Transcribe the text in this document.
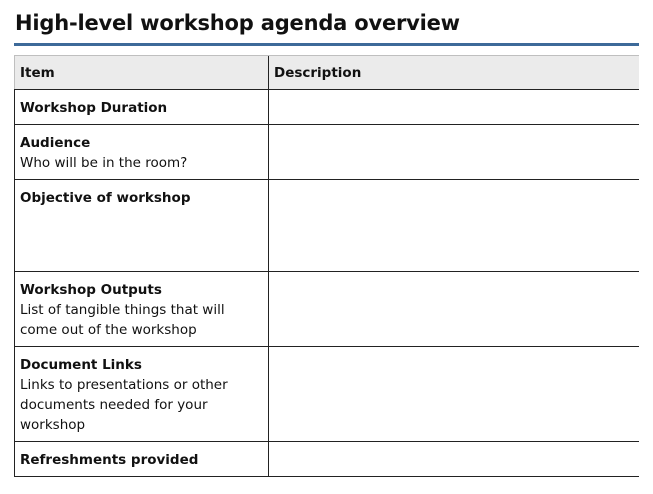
High-level workshop agenda overview
Item	Description

Workshop Duration	

Audience
Who will be in the room?	

Objective of workshop	

Workshop Outputs
List of tangible things that will come out of the workshop	

Document Links
Links to presentations or other documents needed for your workshop	

Refreshments provided	
